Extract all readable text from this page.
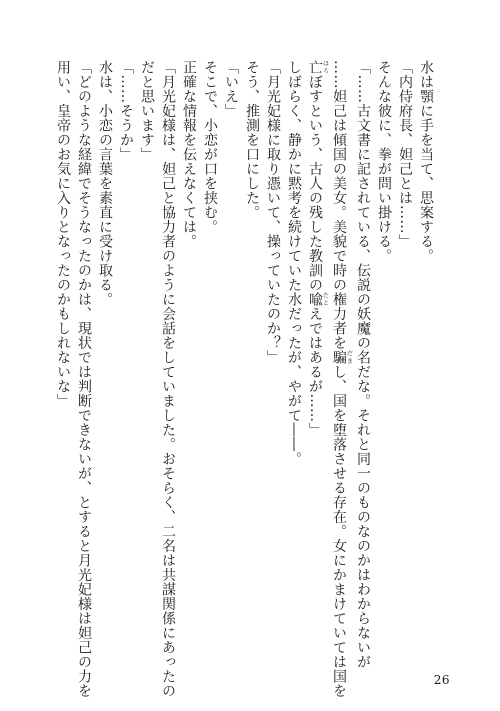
水は顎に手を当て、思案する。
「内侍府長、妲己とは……」
そんな彼に、拳が問い掛ける。
「……古文書に記されている、伝説の妖魔の名だな。それと同一のものなのかはわからないが
……妲己は傾国の美女。美貌で時の権力者を騙だまし、国を堕落させる存在。女にかまけていては国を
亡ほろぼすという、古人の残した教訓の喩たとえではあるが……」
しばらく、静かに黙考を続けていた水だったが、やがて――。
「月光妃様に取り憑いて、操っていたのか？」
そう、推測を口にした。
「いえ」
そこで、小恋が口を挟む。
正確な情報を伝えなくては。
「月光妃様は、妲己と協力者のように会話をしていました。おそらく、二名は共謀関係にあったの
だと思います」
「……そうか」
水は、小恋の言葉を素直に受け取る。
「どのような経緯でそうなったのかは、現状では判断できないが、とすると月光妃様は妲己の力を
用い、皇帝のお気に入りとなったのかもしれないな」
26
